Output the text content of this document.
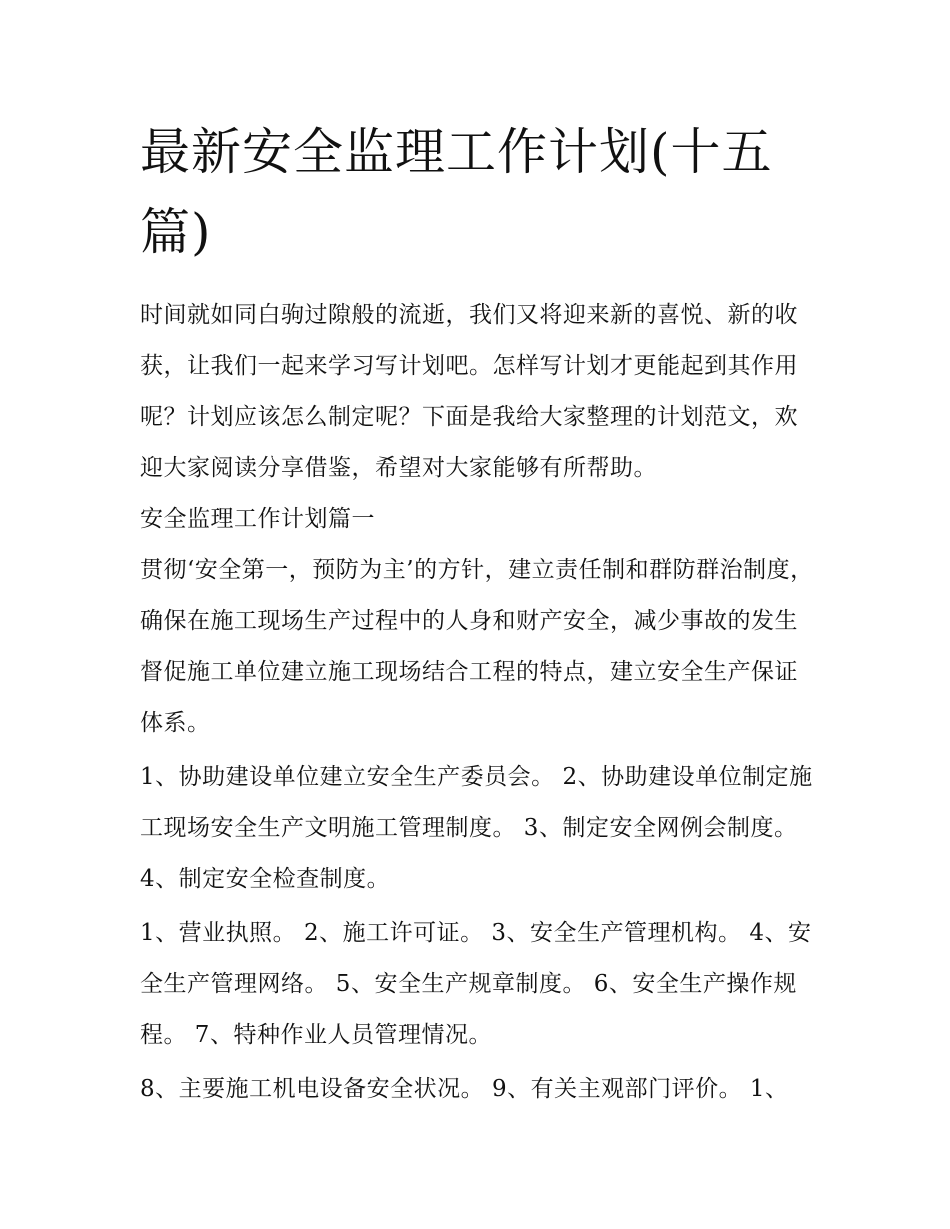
最新安全监理工作计划(十五篇)

时间就如同白驹过隙般的流逝，我们又将迎来新的喜悦、新的收获，让我们一起来学习写计划吧。怎样写计划才更能起到其作用呢？计划应该怎么制定呢？下面是我给大家整理的计划范文，欢迎大家阅读分享借鉴，希望对大家能够有所帮助。

安全监理工作计划篇一

贯彻‘安全第一，预防为主’的方针，建立责任制和群防群治制度，确保在施工现场生产过程中的人身和财产安全，减少事故的发生督促施工单位建立施工现场结合工程的特点，建立安全生产保证体系。

1、协助建设单位建立安全生产委员会。 2、协助建设单位制定施工现场安全生产文明施工管理制度。 3、制定安全网例会制度。 4、制定安全检查制度。

1、营业执照。 2、施工许可证。 3、安全生产管理机构。 4、安全生产管理网络。 5、安全生产规章制度。 6、安全生产操作规程。 7、特种作业人员管理情况。

8、主要施工机电设备安全状况。 9、有关主观部门评价。 1、
